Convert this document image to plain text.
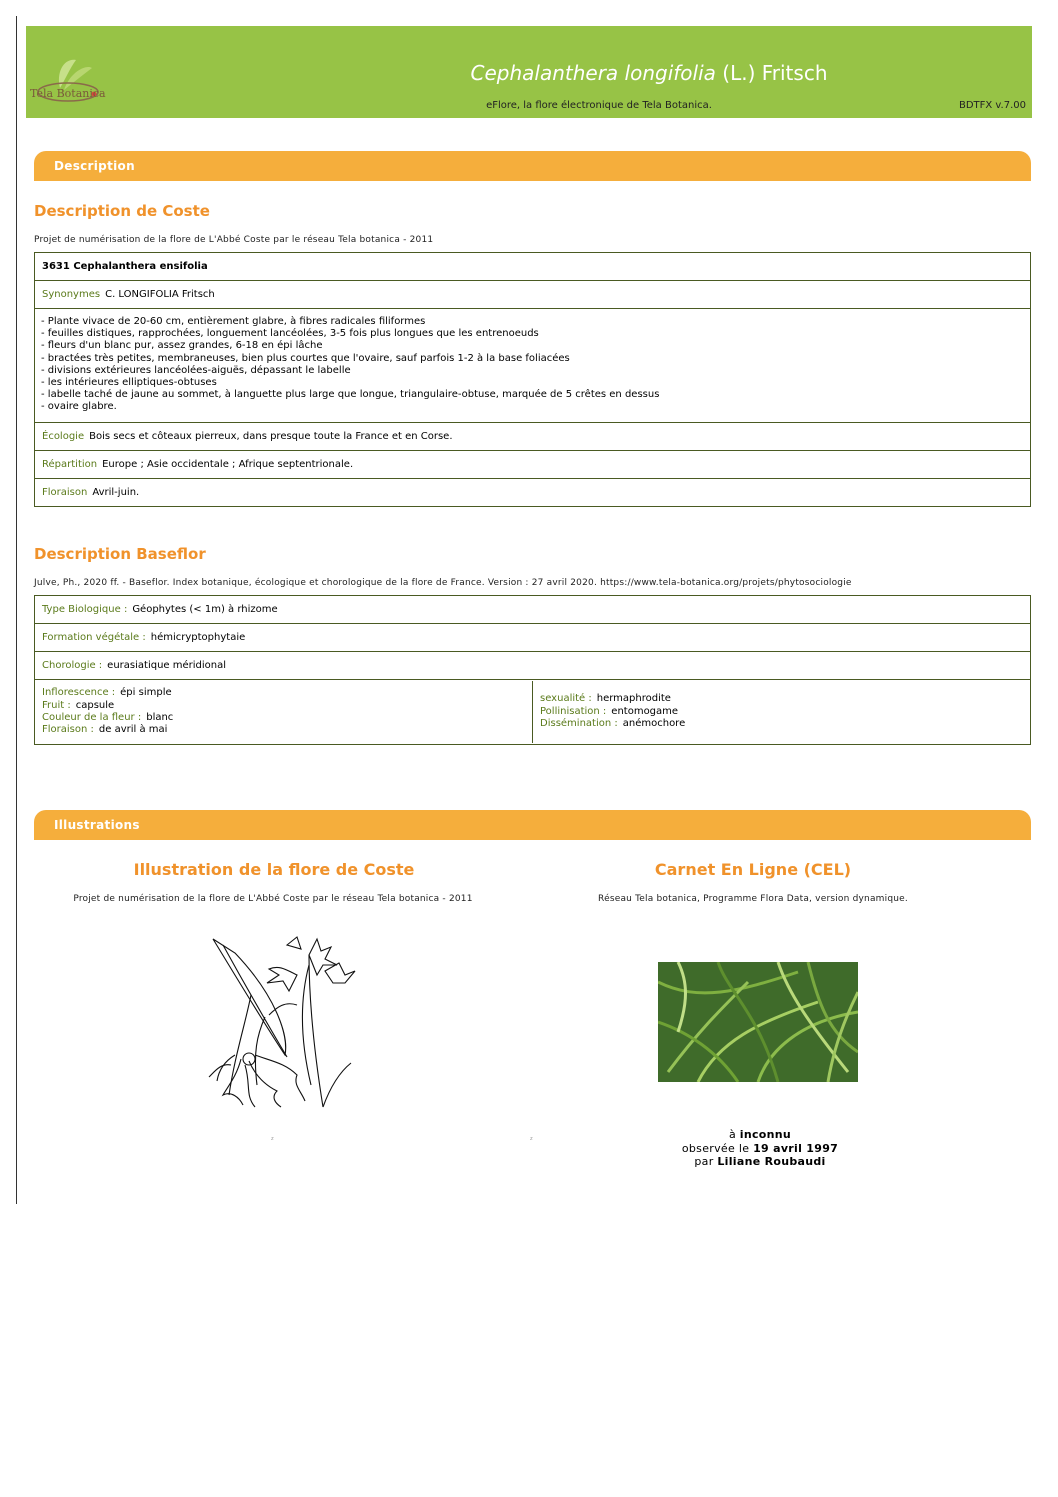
Tela Botanica
Cephalanthera longifolia (L.) Fritsch
eFlore, la flore électronique de Tela Botanica.	BDTFX v.7.00
Description
Description de Coste
Projet de numérisation de la flore de L'Abbé Coste par le réseau Tela botanica - 2011
3631 Cephalanthera ensifolia
Synonymes C. LONGIFOLIA Fritsch
- Plante vivace de 20-60 cm, entièrement glabre, à fibres radicales filiformes
- feuilles distiques, rapprochées, longuement lancéolées, 3-5 fois plus longues que les entrenoeuds
- fleurs d'un blanc pur, assez grandes, 6-18 en épi lâche
- bractées très petites, membraneuses, bien plus courtes que l'ovaire, sauf parfois 1-2 à la base foliacées
- divisions extérieures lancéolées-aiguës, dépassant le labelle
- les intérieures elliptiques-obtuses
- labelle taché de jaune au sommet, à languette plus large que longue, triangulaire-obtuse, marquée de 5 crêtes en dessus
- ovaire glabre.
Écologie Bois secs et côteaux pierreux, dans presque toute la France et en Corse.
Répartition Europe ; Asie occidentale ; Afrique septentrionale.
Floraison Avril-juin.
Description Baseflor
Julve, Ph., 2020 ff. - Baseflor. Index botanique, écologique et chorologique de la flore de France. Version : 27 avril 2020. https://www.tela-botanica.org/projets/phytosociologie
Type Biologique : Géophytes (< 1m) à rhizome
Formation végétale : hémicryptophytaie
Chorologie : eurasiatique méridional
Inflorescence : épi simple
Fruit : capsule
Couleur de la fleur : blanc
Floraison : de avril à mai
sexualité : hermaphrodite
Pollinisation : entomogame
Dissémination : anémochore
Illustrations
Illustration de la flore de Coste
Projet de numérisation de la flore de L'Abbé Coste par le réseau Tela botanica - 2011
Carnet En Ligne (CEL)
Réseau Tela botanica, Programme Flora Data, version dynamique.
z	z	à inconnu
observée le 19 avril 1997
par Liliane Roubaudi
